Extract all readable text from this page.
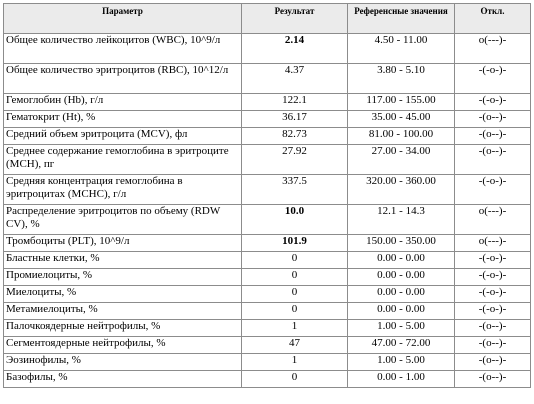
Параметр	Результат	Референсные значения	Откл.
Общее количество лейкоцитов (WBC), 10^9/л	2.14	4.50 - 11.00	o(---)-
Общее количество эритроцитов (RBC), 10^12/л	4.37	3.80 - 5.10	-(-o-)-
Гемоглобин (Hb), г/л	122.1	117.00 - 155.00	-(-o-)-
Гематокрит (Ht), %	36.17	35.00 - 45.00	-(o--)-
Средний объем эритроцита (MCV), фл	82.73	81.00 - 100.00	-(o--)-
Среднее содержание гемоглобина в эритроците (MCH), пг	27.92	27.00 - 34.00	-(o--)-
Средняя концентрация гемоглобина в эритроцитах (MCHC), г/л	337.5	320.00 - 360.00	-(-o-)-
Распределение эритроцитов по объему (RDW CV), %	10.0	12.1 - 14.3	o(---)-
Тромбоциты (PLT), 10^9/л	101.9	150.00 - 350.00	o(---)-
Бластные клетки, %	0	0.00 - 0.00	-(-o-)-
Промиелоциты, %	0	0.00 - 0.00	-(-o-)-
Миелоциты, %	0	0.00 - 0.00	-(-o-)-
Метамиелоциты, %	0	0.00 - 0.00	-(-o-)-
Палочкоядерные нейтрофилы, %	1	1.00 - 5.00	-(o--)-
Сегментоядерные нейтрофилы, %	47	47.00 - 72.00	-(o--)-
Эозинофилы, %	1	1.00 - 5.00	-(o--)-
Базофилы, %	0	0.00 - 1.00	-(o--)-
